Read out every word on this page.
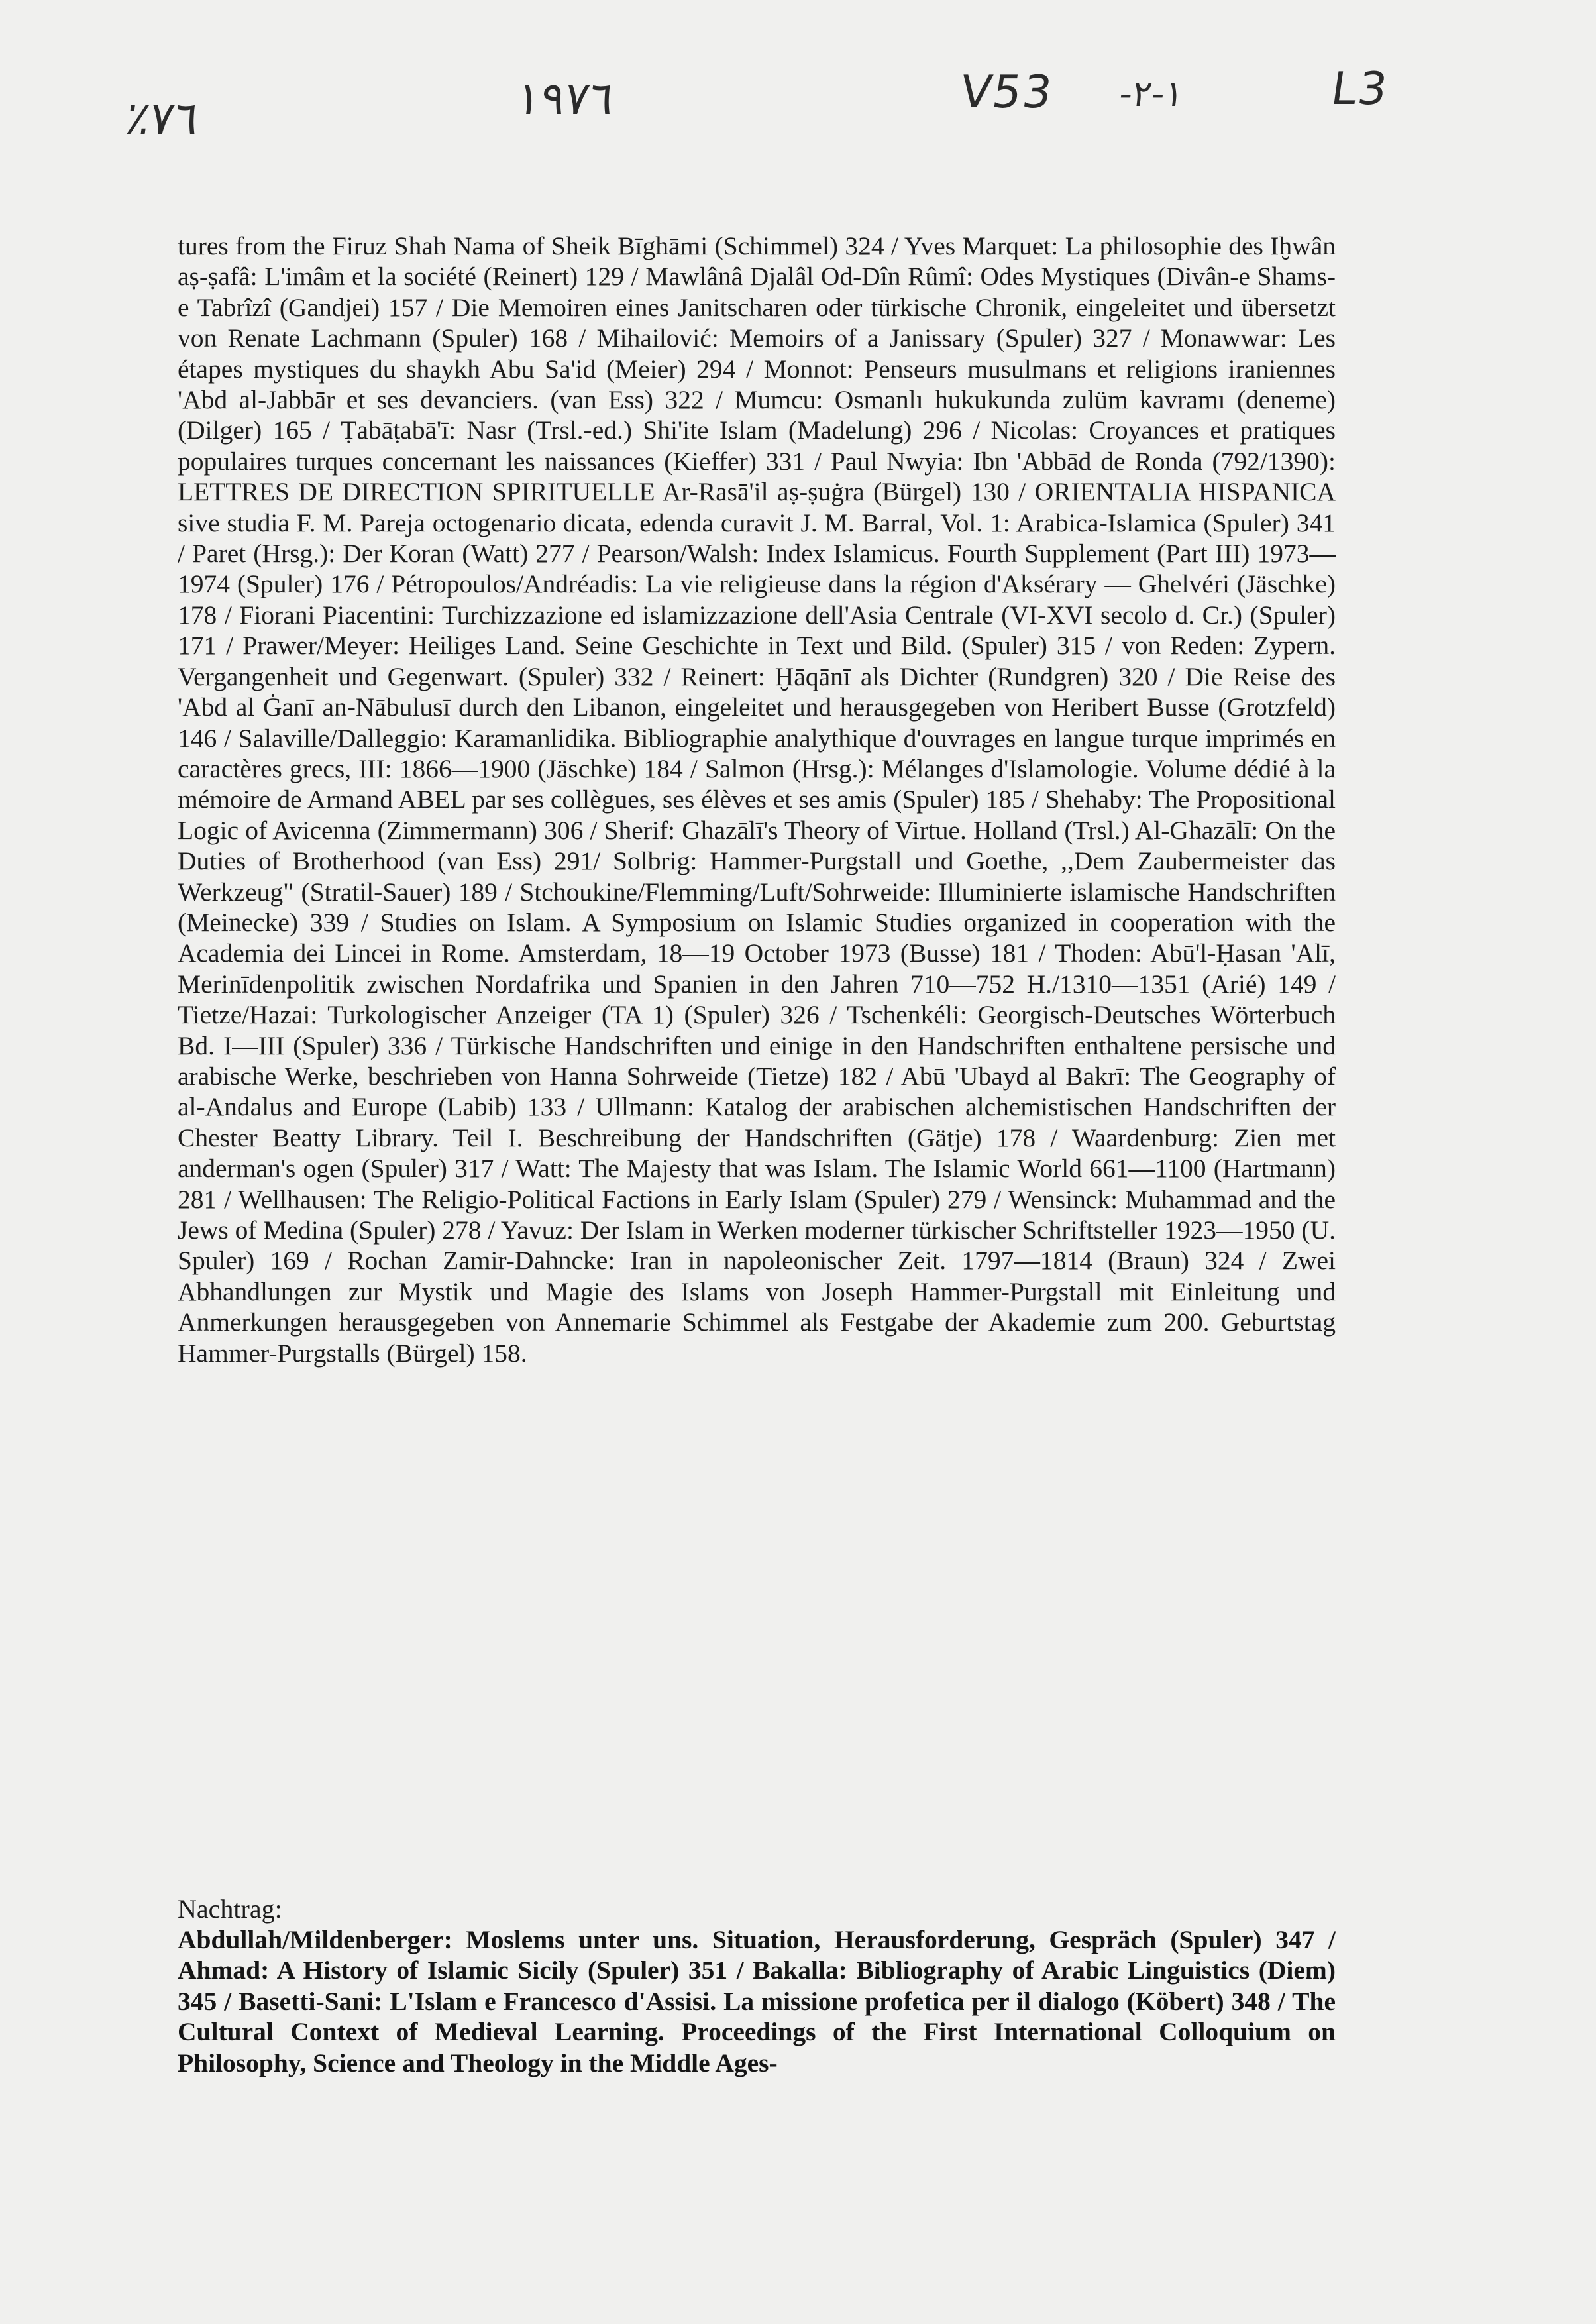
٪٧٦	١٩٧٦	V53 ‑١‑٢	L3

tures from the Firuz Shah Nama of Sheik Bīghāmi (Schimmel) 324 / Yves Marquet: La philosophie des Iḫwân aṣ-ṣafâ: L'imâm et la société (Reinert) 129 / Mawlânâ Djalâl Od-Dîn Rûmî: Odes Mystiques (Divân-e Shams-e Tabrîzî (Gandjei) 157 / Die Memoiren eines Janitscharen oder türkische Chronik, eingeleitet und übersetzt von Renate Lachmann (Spuler) 168 / Mihailović: Memoirs of a Janissary (Spuler) 327 / Monawwar: Les étapes mystiques du shaykh Abu Sa'id (Meier) 294 / Monnot: Penseurs musulmans et religions iraniennes 'Abd al-Jabbār et ses devanciers. (van Ess) 322 / Mumcu: Osmanlı hukukunda zulüm kavramı (deneme) (Dilger) 165 / Ṭabāṭabā'ī: Nasr (Trsl.-ed.) Shi'ite Islam (Madelung) 296 / Nicolas: Croyances et pratiques populaires turques concernant les naissances (Kieffer) 331 / Paul Nwyia: Ibn 'Abbād de Ronda (792/1390): LETTRES DE DIRECTION SPIRITUELLE Ar-Rasā'il aṣ-ṣuġra (Bürgel) 130 / ORIENTALIA HISPANICA sive studia F. M. Pareja octogenario dicata, edenda curavit J. M. Barral, Vol. 1: Arabica-Islamica (Spuler) 341 / Paret (Hrsg.): Der Koran (Watt) 277 / Pearson/Walsh: Index Islamicus. Fourth Supplement (Part III) 1973—1974 (Spuler) 176 / Pétropoulos/Andréadis: La vie religieuse dans la région d'Aksérary — Ghelvéri (Jäschke) 178 / Fiorani Piacentini: Turchizzazione ed islamizzazione dell'Asia Centrale (VI-XVI secolo d. Cr.) (Spuler) 171 / Prawer/Meyer: Heiliges Land. Seine Geschichte in Text und Bild. (Spuler) 315 / von Reden: Zypern. Vergangenheit und Gegenwart. (Spuler) 332 / Reinert: Ḫāqānī als Dichter (Rundgren) 320 / Die Reise des 'Abd al Ġanī an-Nābulusī durch den Libanon, eingeleitet und herausgegeben von Heribert Busse (Grotzfeld) 146 / Salaville/Dalleggio: Karamanlidika. Bibliographie analythique d'ouvrages en langue turque imprimés en caractères grecs, III: 1866—1900 (Jäschke) 184 / Salmon (Hrsg.): Mélanges d'Islamologie. Volume dédié à la mémoire de Armand ABEL par ses collègues, ses élèves et ses amis (Spuler) 185 / Shehaby: The Propositional Logic of Avicenna (Zimmermann) 306 / Sherif: Ghazālī's Theory of Virtue. Holland (Trsl.) Al-Ghazālī: On the Duties of Brotherhood (van Ess) 291/ Solbrig: Hammer-Purgstall und Goethe, ,,Dem Zaubermeister das Werkzeug" (Stratil-Sauer) 189 / Stchoukine/Flemming/Luft/Sohrweide: Illuminierte islamische Handschriften (Meinecke) 339 / Studies on Islam. A Symposium on Islamic Studies organized in cooperation with the Academia dei Lincei in Rome. Amsterdam, 18—19 October 1973 (Busse) 181 / Thoden: Abū'l-Ḥasan 'Alī, Merinīdenpolitik zwischen Nordafrika und Spanien in den Jahren 710—752 H./1310—1351 (Arié) 149 / Tietze/Hazai: Turkologischer Anzeiger (TA 1) (Spuler) 326 / Tschenkéli: Georgisch-Deutsches Wörterbuch Bd. I—III (Spuler) 336 / Türkische Handschriften und einige in den Handschriften enthaltene persische und arabische Werke, beschrieben von Hanna Sohrweide (Tietze) 182 / Abū 'Ubayd al Bakrī: The Geography of al-Andalus and Europe (Labib) 133 / Ullmann: Katalog der arabischen alchemistischen Handschriften der Chester Beatty Library. Teil I. Beschreibung der Handschriften (Gätje) 178 / Waardenburg: Zien met anderman's ogen (Spuler) 317 / Watt: The Majesty that was Islam. The Islamic World 661—1100 (Hartmann) 281 / Wellhausen: The Religio-Political Factions in Early Islam (Spuler) 279 / Wensinck: Muhammad and the Jews of Medina (Spuler) 278 / Yavuz: Der Islam in Werken moderner türkischer Schriftsteller 1923—1950 (U. Spuler) 169 / Rochan Zamir-Dahncke: Iran in napoleonischer Zeit. 1797—1814 (Braun) 324 / Zwei Abhandlungen zur Mystik und Magie des Islams von Joseph Hammer-Purgstall mit Einleitung und Anmerkungen herausgegeben von Annemarie Schimmel als Festgabe der Akademie zum 200. Geburtstag Hammer-Purgstalls (Bürgel) 158.

Nachtrag:

Abdullah/Mildenberger: Moslems unter uns. Situation, Herausforderung, Gespräch (Spuler) 347 / Ahmad: A History of Islamic Sicily (Spuler) 351 / Bakalla: Bibliography of Arabic Linguistics (Diem) 345 / Basetti-Sani: L'Islam e Francesco d'Assisi. La missione profetica per il dialogo (Köbert) 348 / The Cultural Context of Medieval Learning. Proceedings of the First International Colloquium on Philosophy, Science and Theology in the Middle Ages-
